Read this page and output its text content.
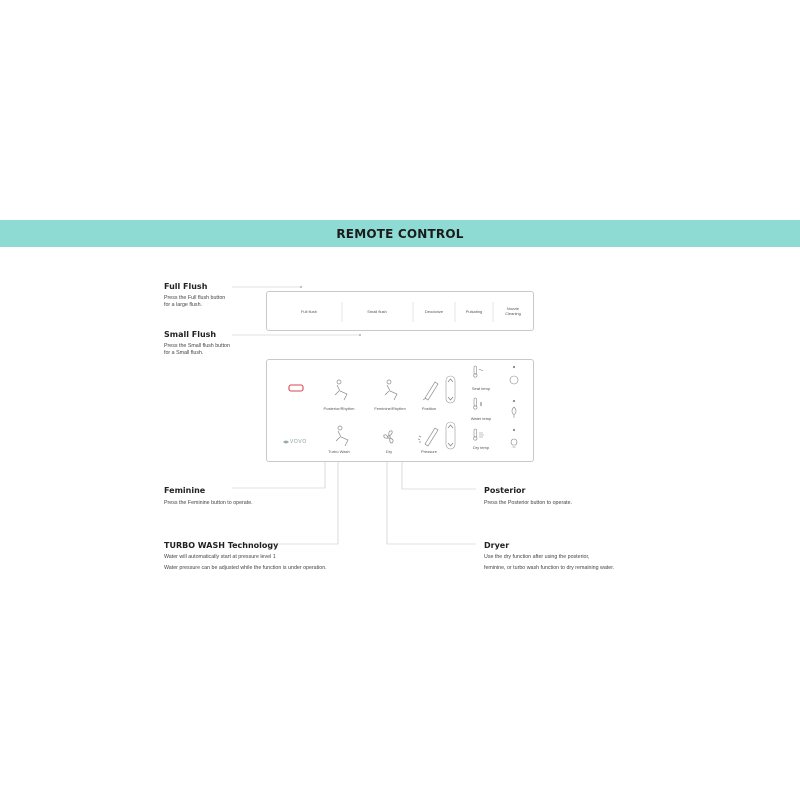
REMOTE CONTROL
Full Flush
Press the Full flush button
for a large flush.
Small Flush
Press the Small flush button
for a Small flush.
Feminine
Press the Feminine button to operate.
Posterior
Press the Posterior button to operate.
TURBO WASH Technology
Water will automatically start at pressure level 1
Water pressure can be adjusted while the function is under operation.
Dryer
Use the dry function after using the posterior,
feminine, or turbo wash function to dry remaining water.
Full flush	Small flush	Deodorize	Pulsating
Nozzle
Cleaning
Posterior/Rhythm	Feminine/Rhythm	Position
Seat temp
Water temp
Turbo Wash	Dry	Pressure
Dry temp
VOVO
